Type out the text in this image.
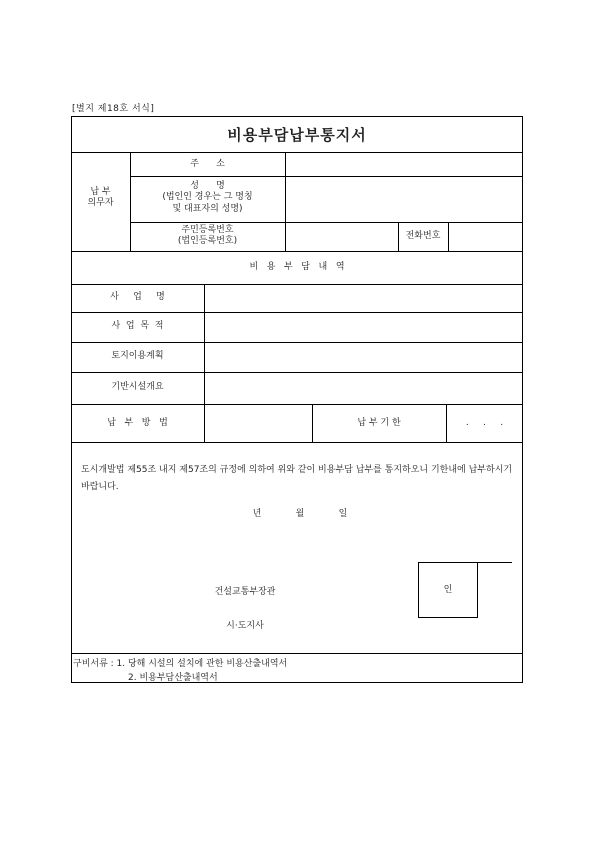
[별지 제18호 서식]
비용부담납부통지서
납 부
의무자
주      소
성      명
(법인인 경우는 그 명칭
및 대표자의 성명)
주민등록번호
(법인등록번호)
전화번호
비   용   부   담   내   역
사     업     명
사  업  목  적
토지이용계획
기반시설개요
납   부   방   법	납 부 기 한	.     .     .
도시개발법 제55조 내지 제57조의 규정에 의하여 위와 같이 비용부담 납부를 통지하오니 기한내에 납부하시기 바랍니다.
년            월            일
건설교통부장관
시·도지사
인
구비서류 : 1. 당해 시설의 설치에 관한 비용산출내역서
2. 비용부담산출내역서
